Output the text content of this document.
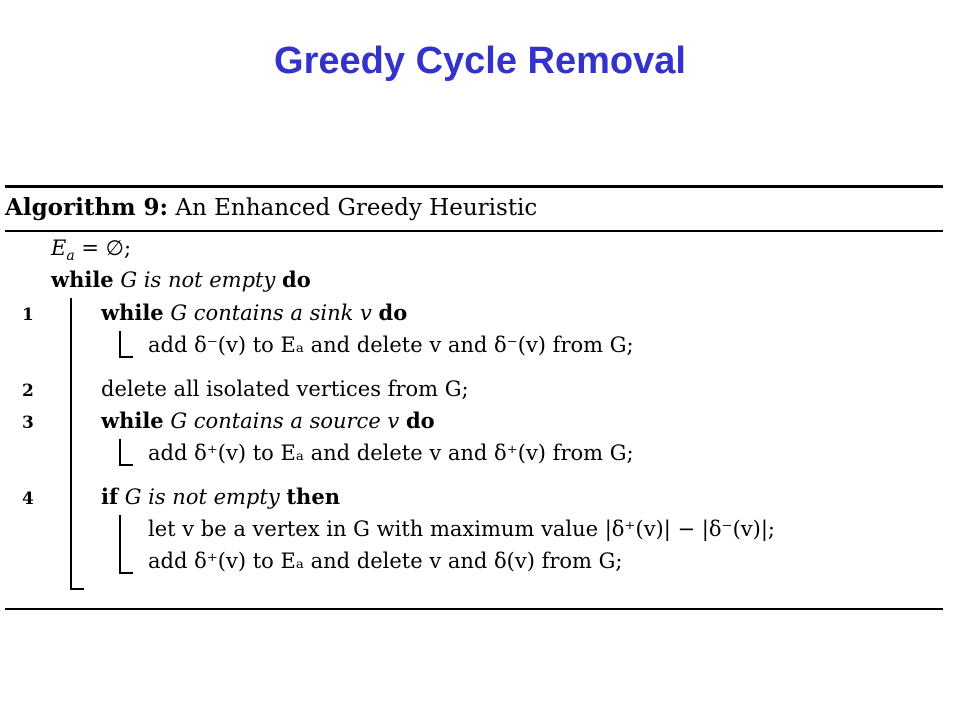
Greedy Cycle Removal
Algorithm 9: An Enhanced Greedy Heuristic
$E_a$ = ∅;
while G is not empty do
1	while G contains a sink v do
add δ⁻(v) to Eₐ and delete v and δ⁻(v) from G;
2	delete all isolated vertices from G;
3	while G contains a source v do
add δ⁺(v) to Eₐ and delete v and δ⁺(v) from G;
4	if G is not empty then
let v be a vertex in G with maximum value |δ⁺(v)| − |δ⁻(v)|;
add δ⁺(v) to Eₐ and delete v and δ(v) from G;
